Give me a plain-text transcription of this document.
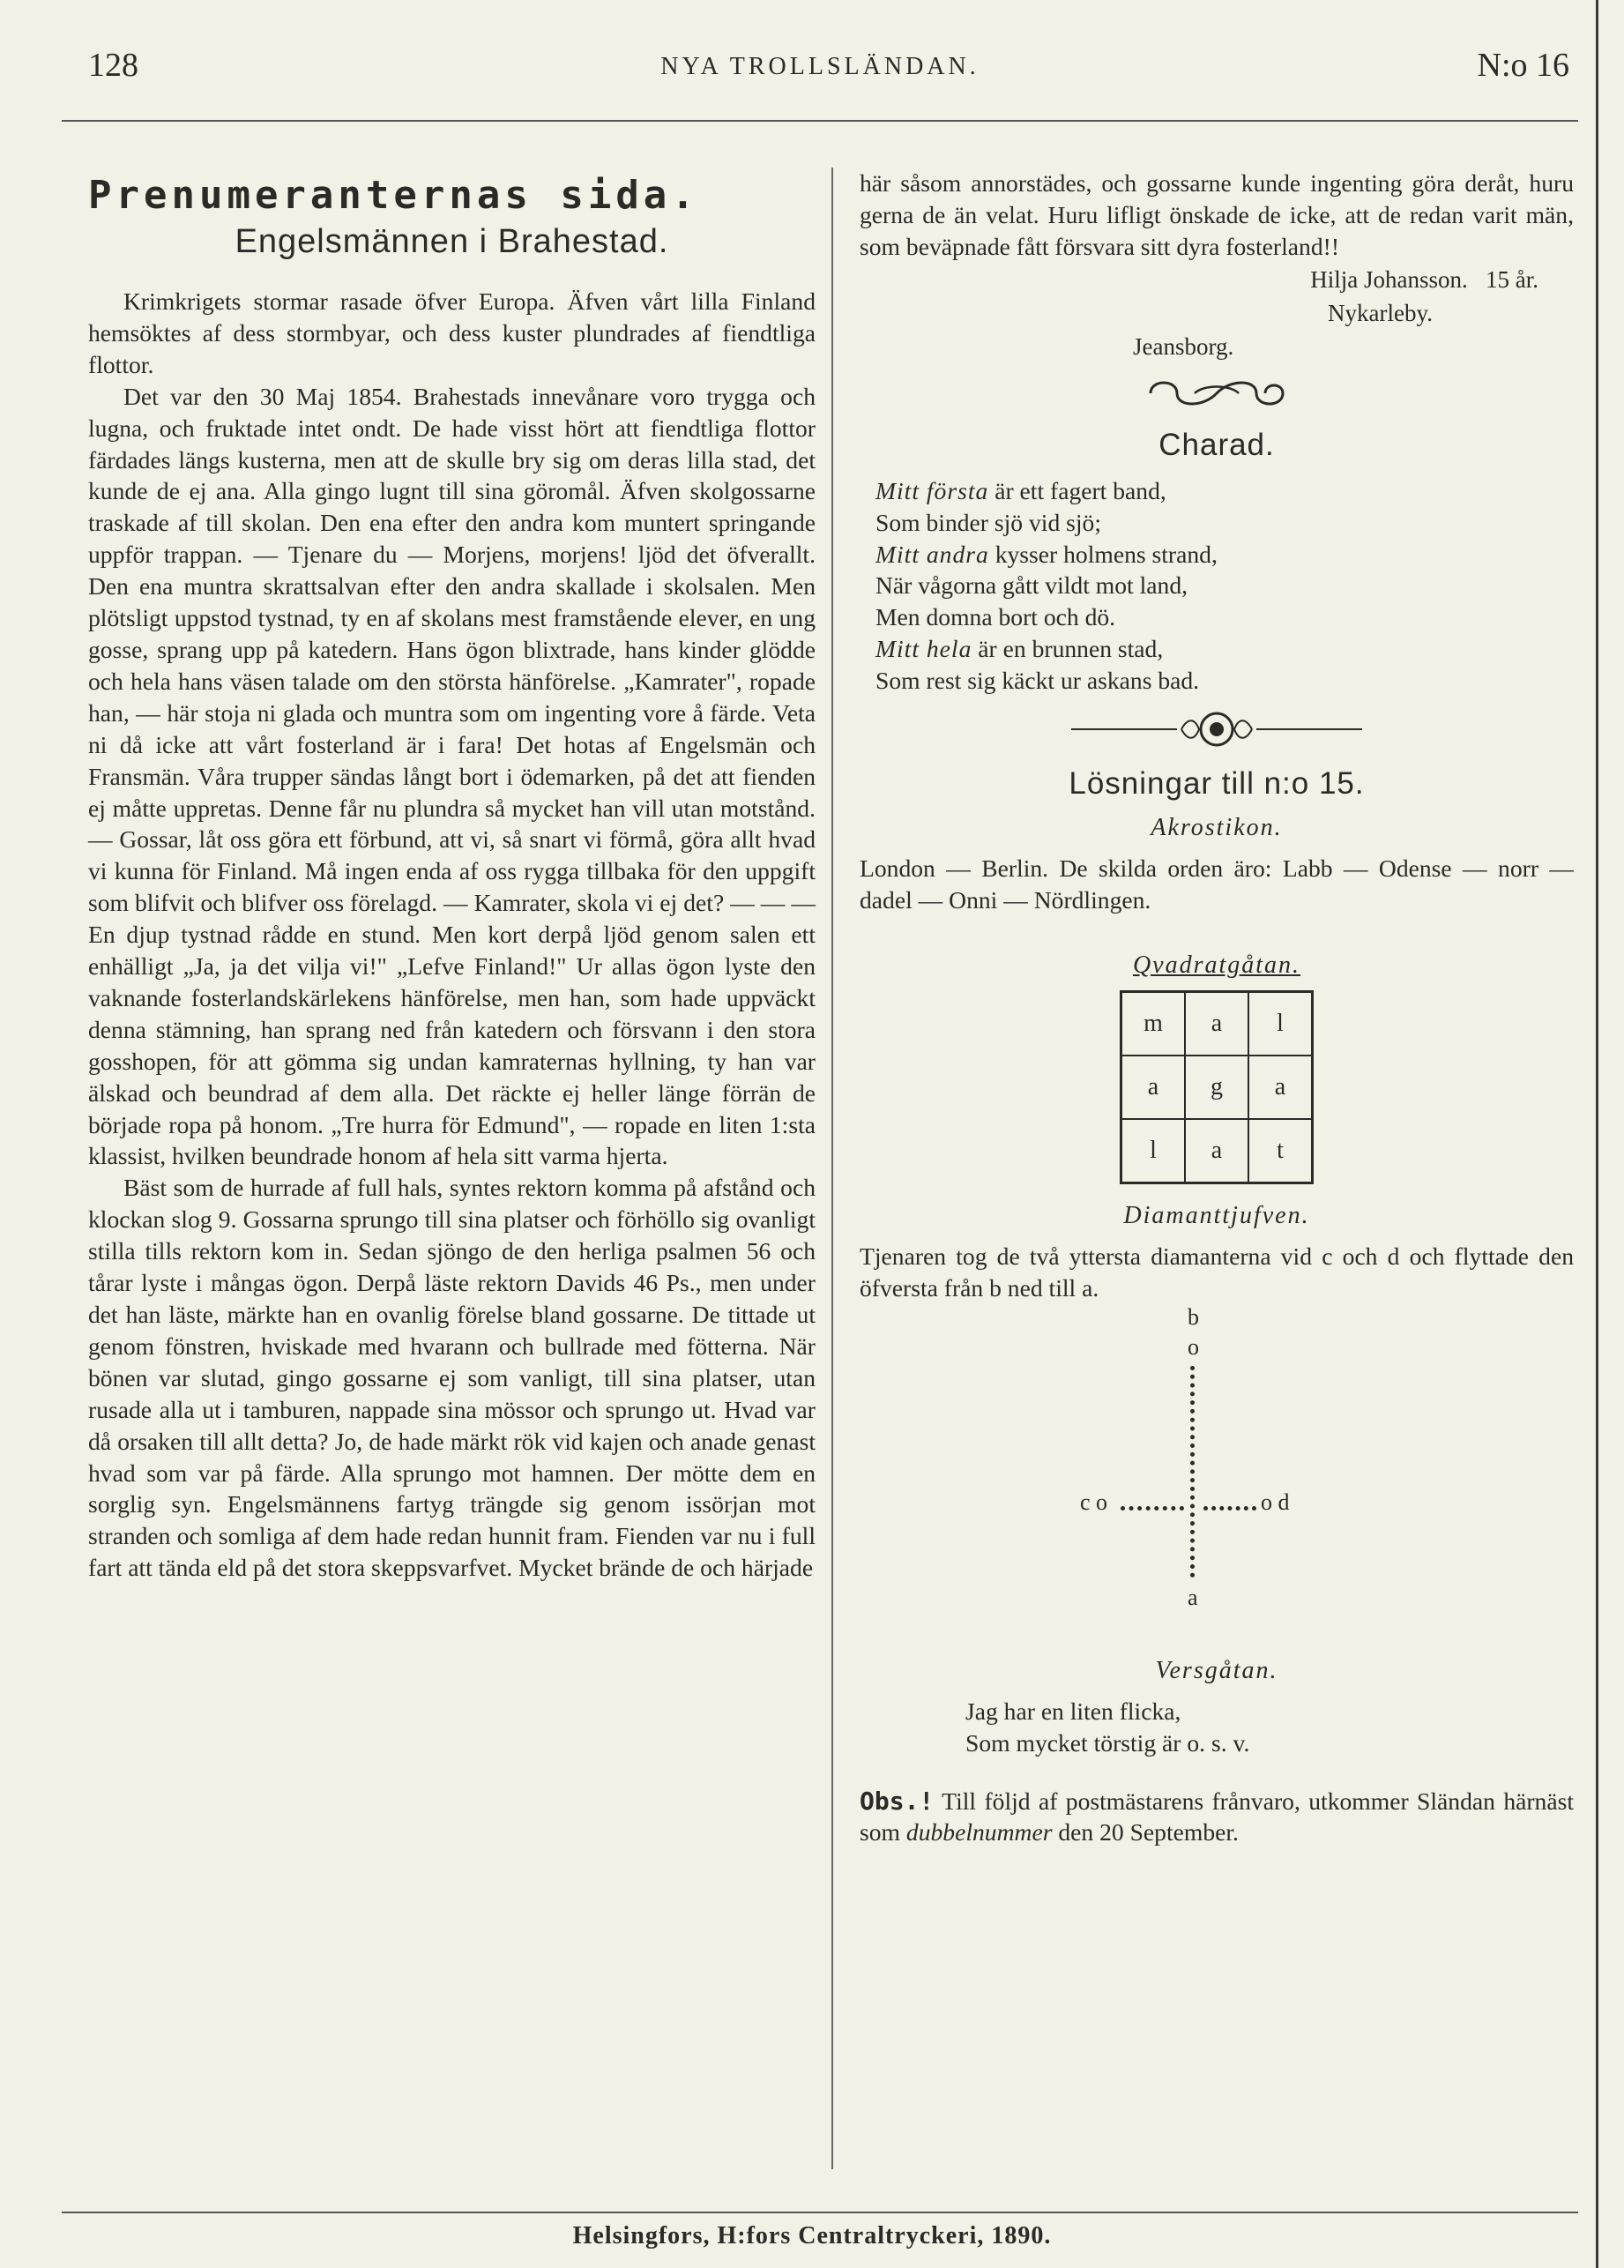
128	NYA TROLLSLÄNDAN.	N:o 16
Prenumeranternas sida.
Engelsmännen i Brahestad.

Krimkrigets stormar rasade öfver Europa. Äfven vårt lilla Finland hemsöktes af dess stormbyar, och dess kuster plundrades af fiendtliga flottor.

Det var den 30 Maj 1854. Brahestads innevånare voro trygga och lugna, och fruktade intet ondt. De hade visst hört att fiendtliga flottor färdades längs kusterna, men att de skulle bry sig om deras lilla stad, det kunde de ej ana. Alla gingo lugnt till sina göromål. Äfven skolgossarne traskade af till skolan. Den ena efter den andra kom muntert springande uppför trappan. — Tjenare du — Morjens, morjens! ljöd det öfverallt. Den ena muntra skrattsalvan efter den andra skallade i skolsalen. Men plötsligt uppstod tystnad, ty en af skolans mest framstående elever, en ung gosse, sprang upp på katedern. Hans ögon blixtrade, hans kinder glödde och hela hans väsen talade om den största hänförelse. „Kamrater", ropade han, — här stoja ni glada och muntra som om ingenting vore å färde. Veta ni då icke att vårt fosterland är i fara! Det hotas af Engelsmän och Fransmän. Våra trupper sändas långt bort i ödemarken, på det att fienden ej måtte uppretas. Denne får nu plundra så mycket han vill utan motstånd. — Gossar, låt oss göra ett förbund, att vi, så snart vi förmå, göra allt hvad vi kunna för Finland. Må ingen enda af oss rygga tillbaka för den uppgift som blifvit och blifver oss förelagd. — Kamrater, skola vi ej det? — — — En djup tystnad rådde en stund. Men kort derpå ljöd genom salen ett enhälligt „Ja, ja det vilja vi!" „Lefve Finland!" Ur allas ögon lyste den vaknande fosterlandskärlekens hänförelse, men han, som hade uppväckt denna stämning, han sprang ned från katedern och försvann i den stora gosshopen, för att gömma sig undan kamraternas hyllning, ty han var älskad och beundrad af dem alla. Det räckte ej heller länge förrän de började ropa på honom. „Tre hurra för Edmund", — ropade en liten 1:sta klassist, hvilken beundrade honom af hela sitt varma hjerta.

Bäst som de hurrade af full hals, syntes rektorn komma på afstånd och klockan slog 9. Gossarna sprungo till sina platser och förhöllo sig ovanligt stilla tills rektorn kom in. Sedan sjöngo de den herliga psalmen 56 och tårar lyste i mångas ögon. Derpå läste rektorn Davids 46 Ps., men under det han läste, märkte han en ovanlig förelse bland gossarne. De tittade ut genom fönstren, hviskade med hvarann och bullrade med fötterna. När bönen var slutad, gingo gossarne ej som vanligt, till sina platser, utan rusade alla ut i tamburen, nappade sina mössor och sprungo ut. Hvad var då orsaken till allt detta? Jo, de hade märkt rök vid kajen och anade genast hvad som var på färde. Alla sprungo mot hamnen. Der mötte dem en sorglig syn. Engelsmännens fartyg trängde sig genom issörjan mot stranden och somliga af dem hade redan hunnit fram. Fienden var nu i full fart att tända eld på det stora skeppsvarfvet. Mycket brände de och härjade

här såsom annorstädes, och gossarne kunde ingenting göra deråt, huru gerna de än velat. Huru lifligt önskade de icke, att de redan varit män, som beväpnade fått försvara sitt dyra fosterland!!

Hilja Johansson. 15 år.
Nykarleby.
Jeansborg.
Charad.
Mitt första är ett fagert band,
Som binder sjö vid sjö;
Mitt andra kysser holmens strand,
När vågorna gått vildt mot land,
Men domna bort och dö.
Mitt hela är en brunnen stad,
Som rest sig käckt ur askans bad.
Lösningar till n:o 15.
Akrostikon.

London — Berlin. De skilda orden äro: Labb — Odense — norr — dadel — Onni — Nördlingen.

Qvadratgåtan.
m	a	l
a	g	a
l	a	t
Diamanttjufven.

Tjenaren tog de två yttersta diamanterna vid c och d och flyttade den öfversta från b ned till a.

b
o
c o	o d
a
Versgåtan.
Jag har en liten flicka,
Som mycket törstig är o. s. v.

Obs.! Till följd af postmästarens frånvaro, utkommer Sländan härnäst som dubbelnummer den 20 September.

Helsingfors, H:fors Centraltryckeri, 1890.
